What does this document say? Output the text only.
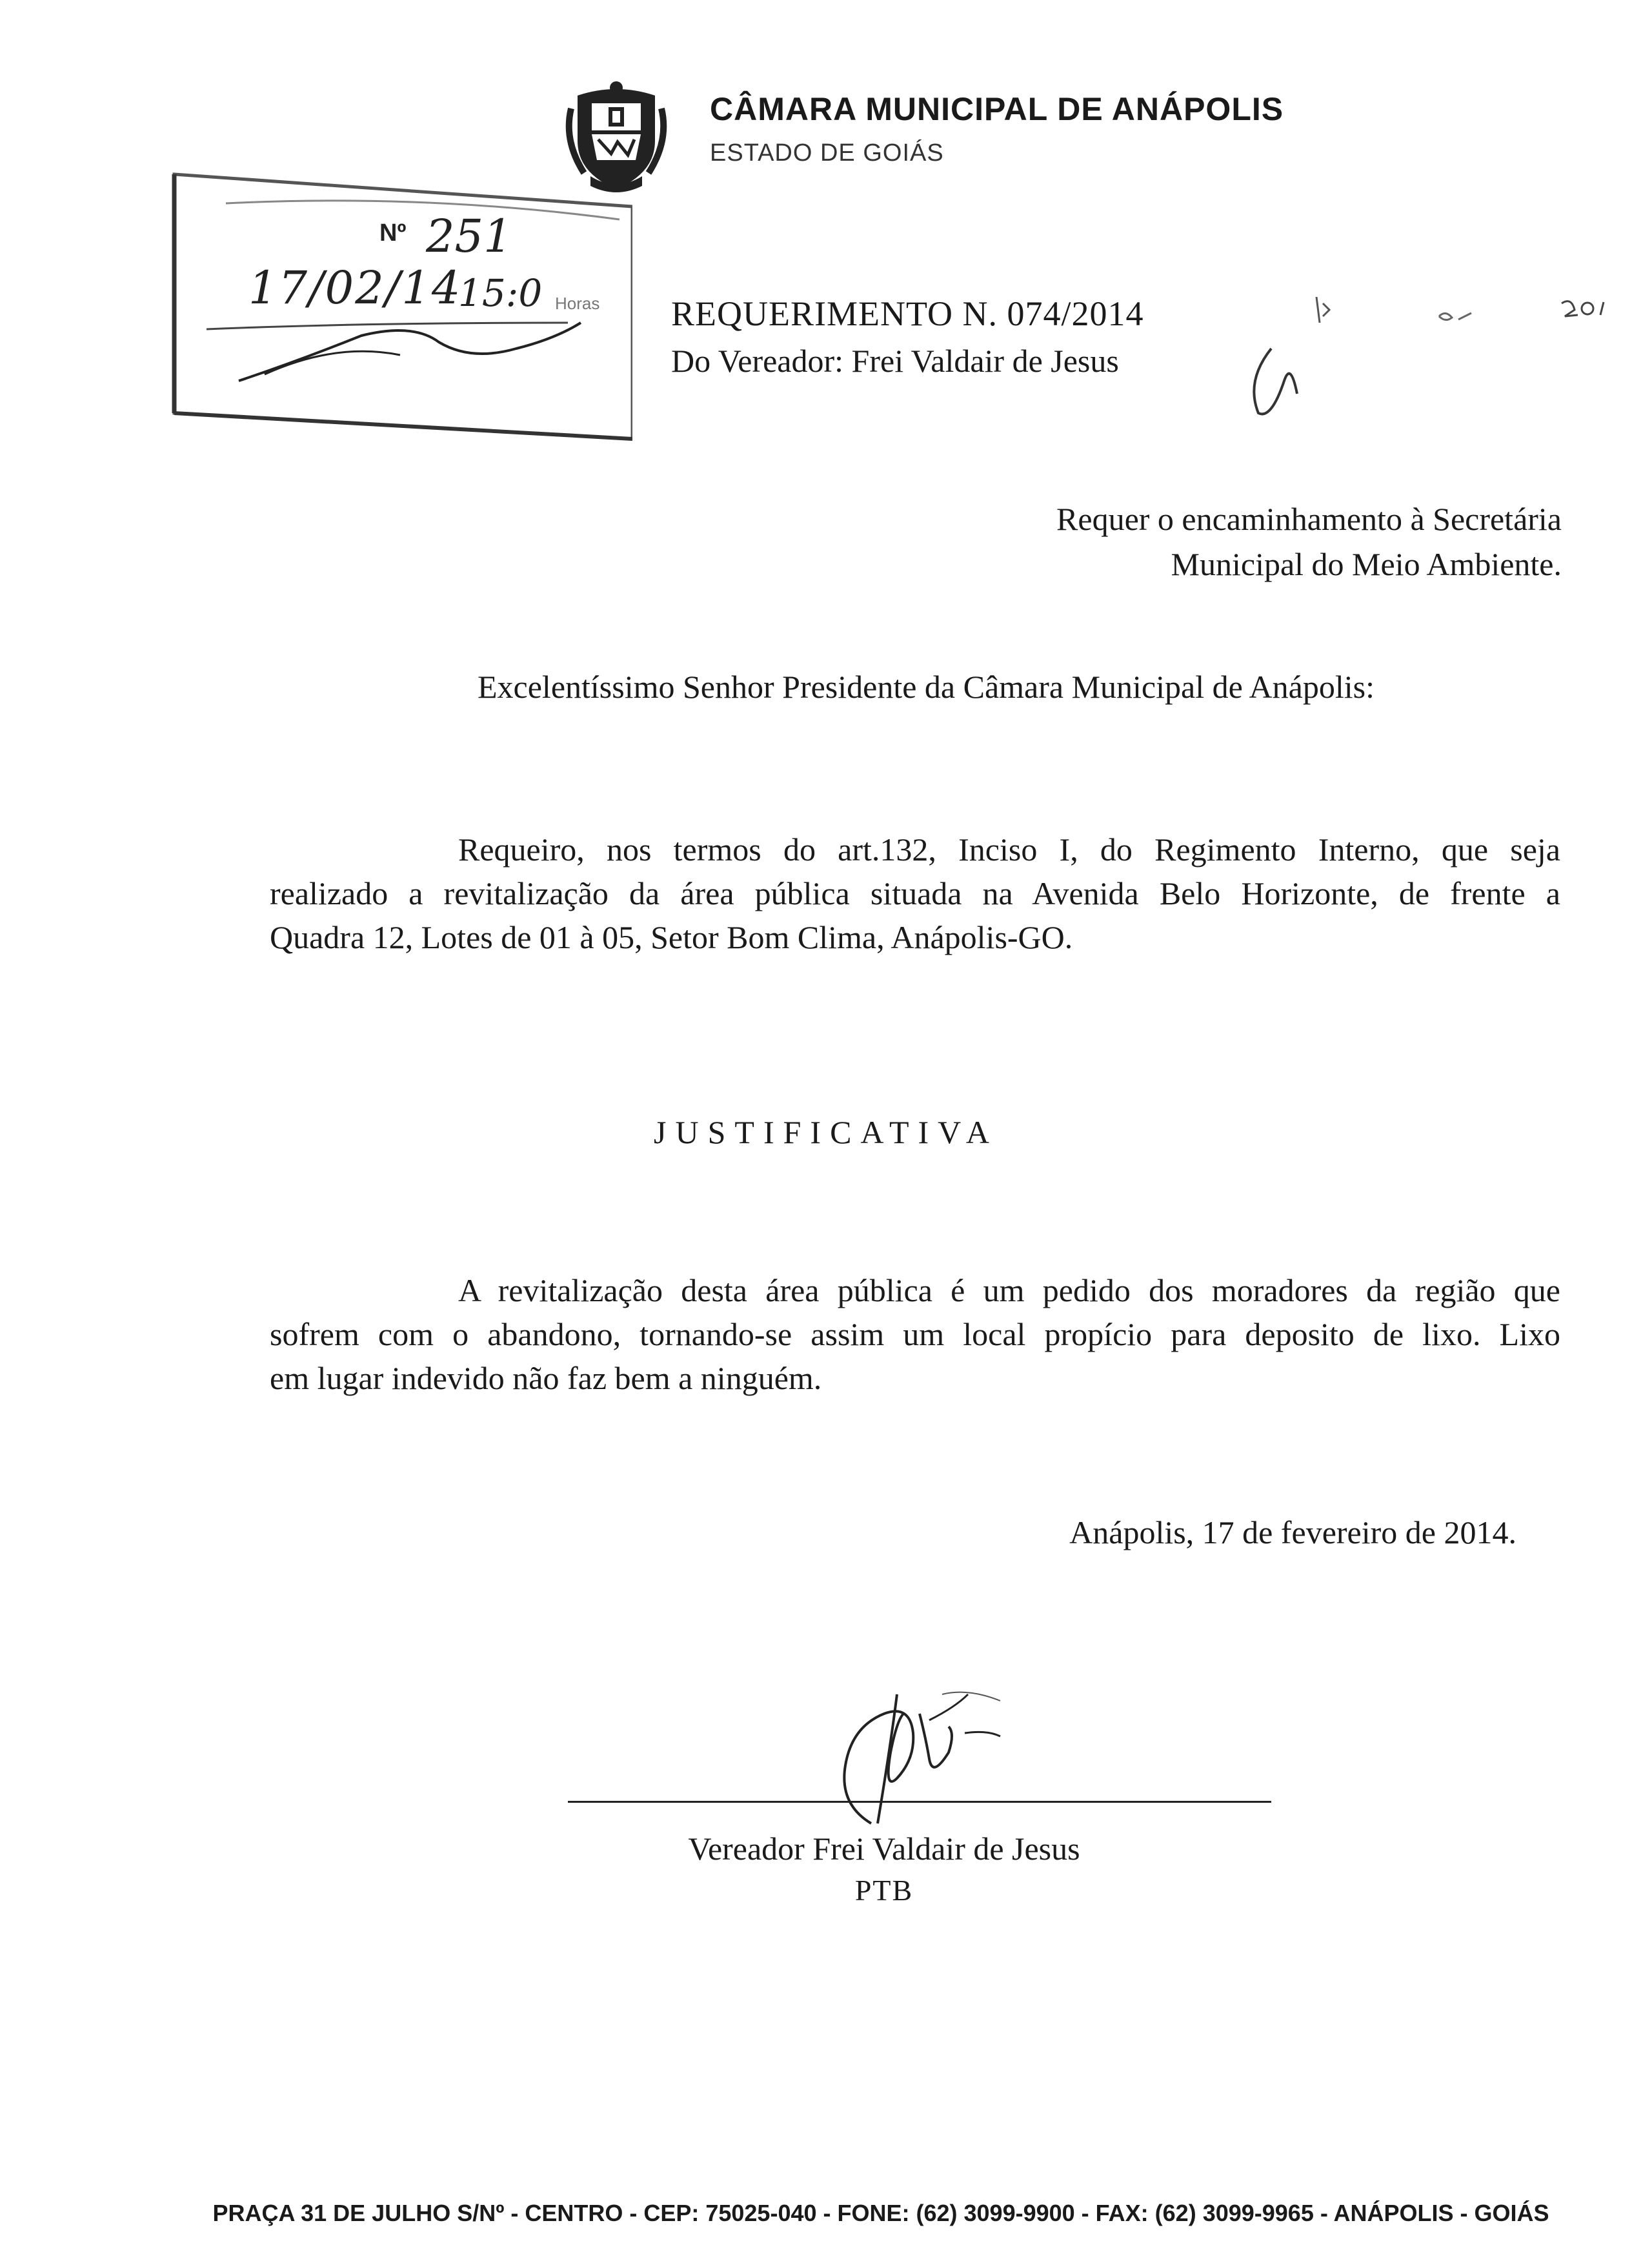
CÂMARA MUNICIPAL DE ANÁPOLIS
ESTADO DE GOIÁS
Nº 251
17/02/14
15:0 Horas REQUERIMENTO N. 074/2014
Do Vereador: Frei Valdair de Jesus
Requer o encaminhamento à Secretária
Municipal do Meio Ambiente.
Excelentíssimo Senhor Presidente da Câmara Municipal de Anápolis:
Requeiro, nos termos do art.132, Inciso I, do Regimento Interno, que seja
realizado a revitalização da área pública situada na Avenida Belo Horizonte, de frente a
Quadra 12, Lotes de 01 à 05, Setor Bom Clima, Anápolis-GO.
JUSTIFICATIVA
A revitalização desta área pública é um pedido dos moradores da região que
sofrem com o abandono, tornando-se assim um local propício para deposito de lixo. Lixo
em lugar indevido não faz bem a ninguém.
Anápolis, 17 de fevereiro de 2014.
Vereador Frei Valdair de Jesus
PTB
PRAÇA 31 DE JULHO S/Nº - CENTRO - CEP: 75025-040 - FONE: (62) 3099-9900 - FAX: (62) 3099-9965 - ANÁPOLIS - GOIÁS
